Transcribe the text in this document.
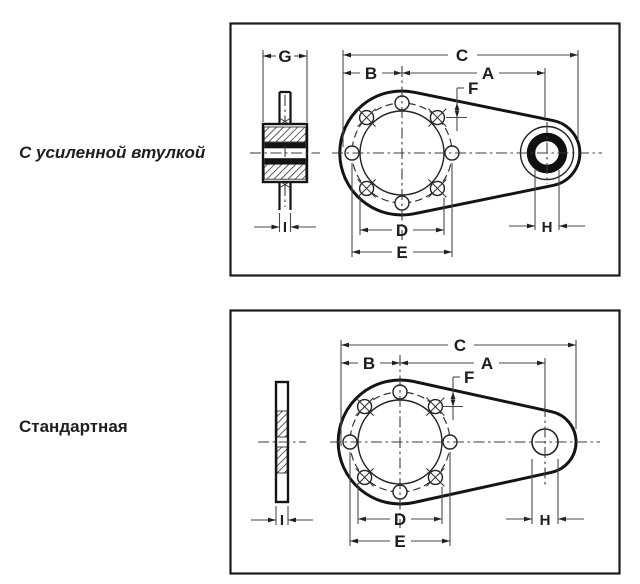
С усиленной втулкой
Стандартная
G
I
C
B	A
F
D
E
H
I
C
B	A
F
D
E
H
